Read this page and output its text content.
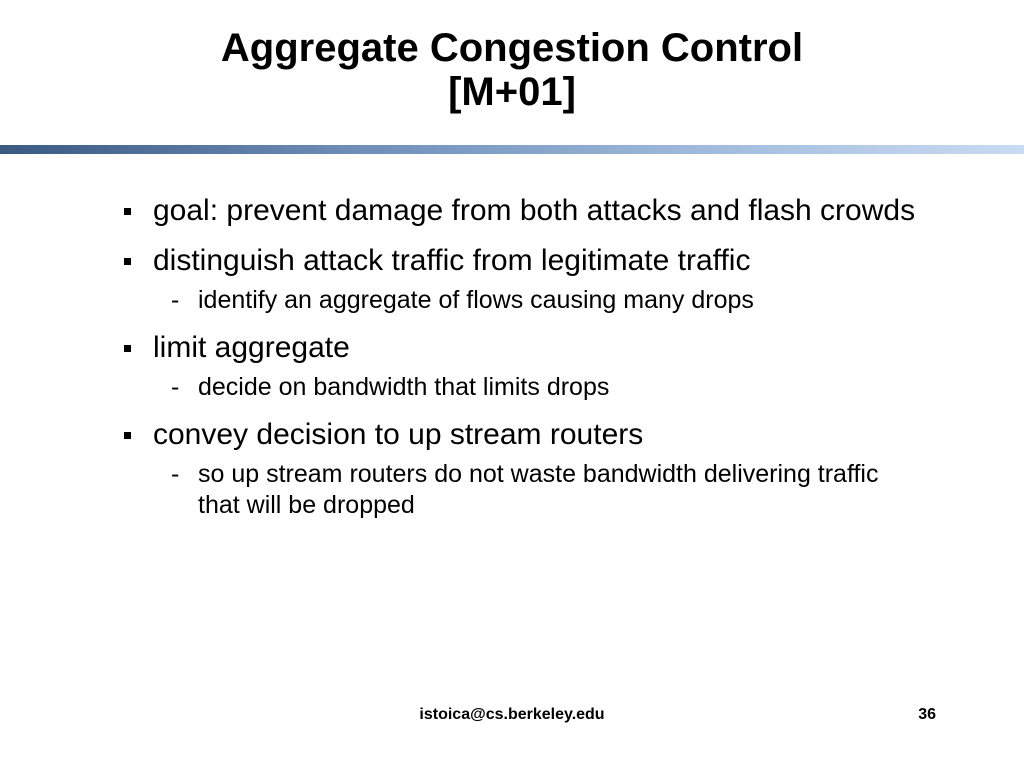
Aggregate Congestion Control
[M+01]
goal: prevent damage from both attacks and flash crowds
distinguish attack traffic from legitimate traffic
- identify an aggregate of flows causing many drops
limit aggregate
- decide on bandwidth that limits drops
convey decision to up stream routers
- so up stream routers do not waste bandwidth delivering traffic that will be dropped
istoica@cs.berkeley.edu	36
